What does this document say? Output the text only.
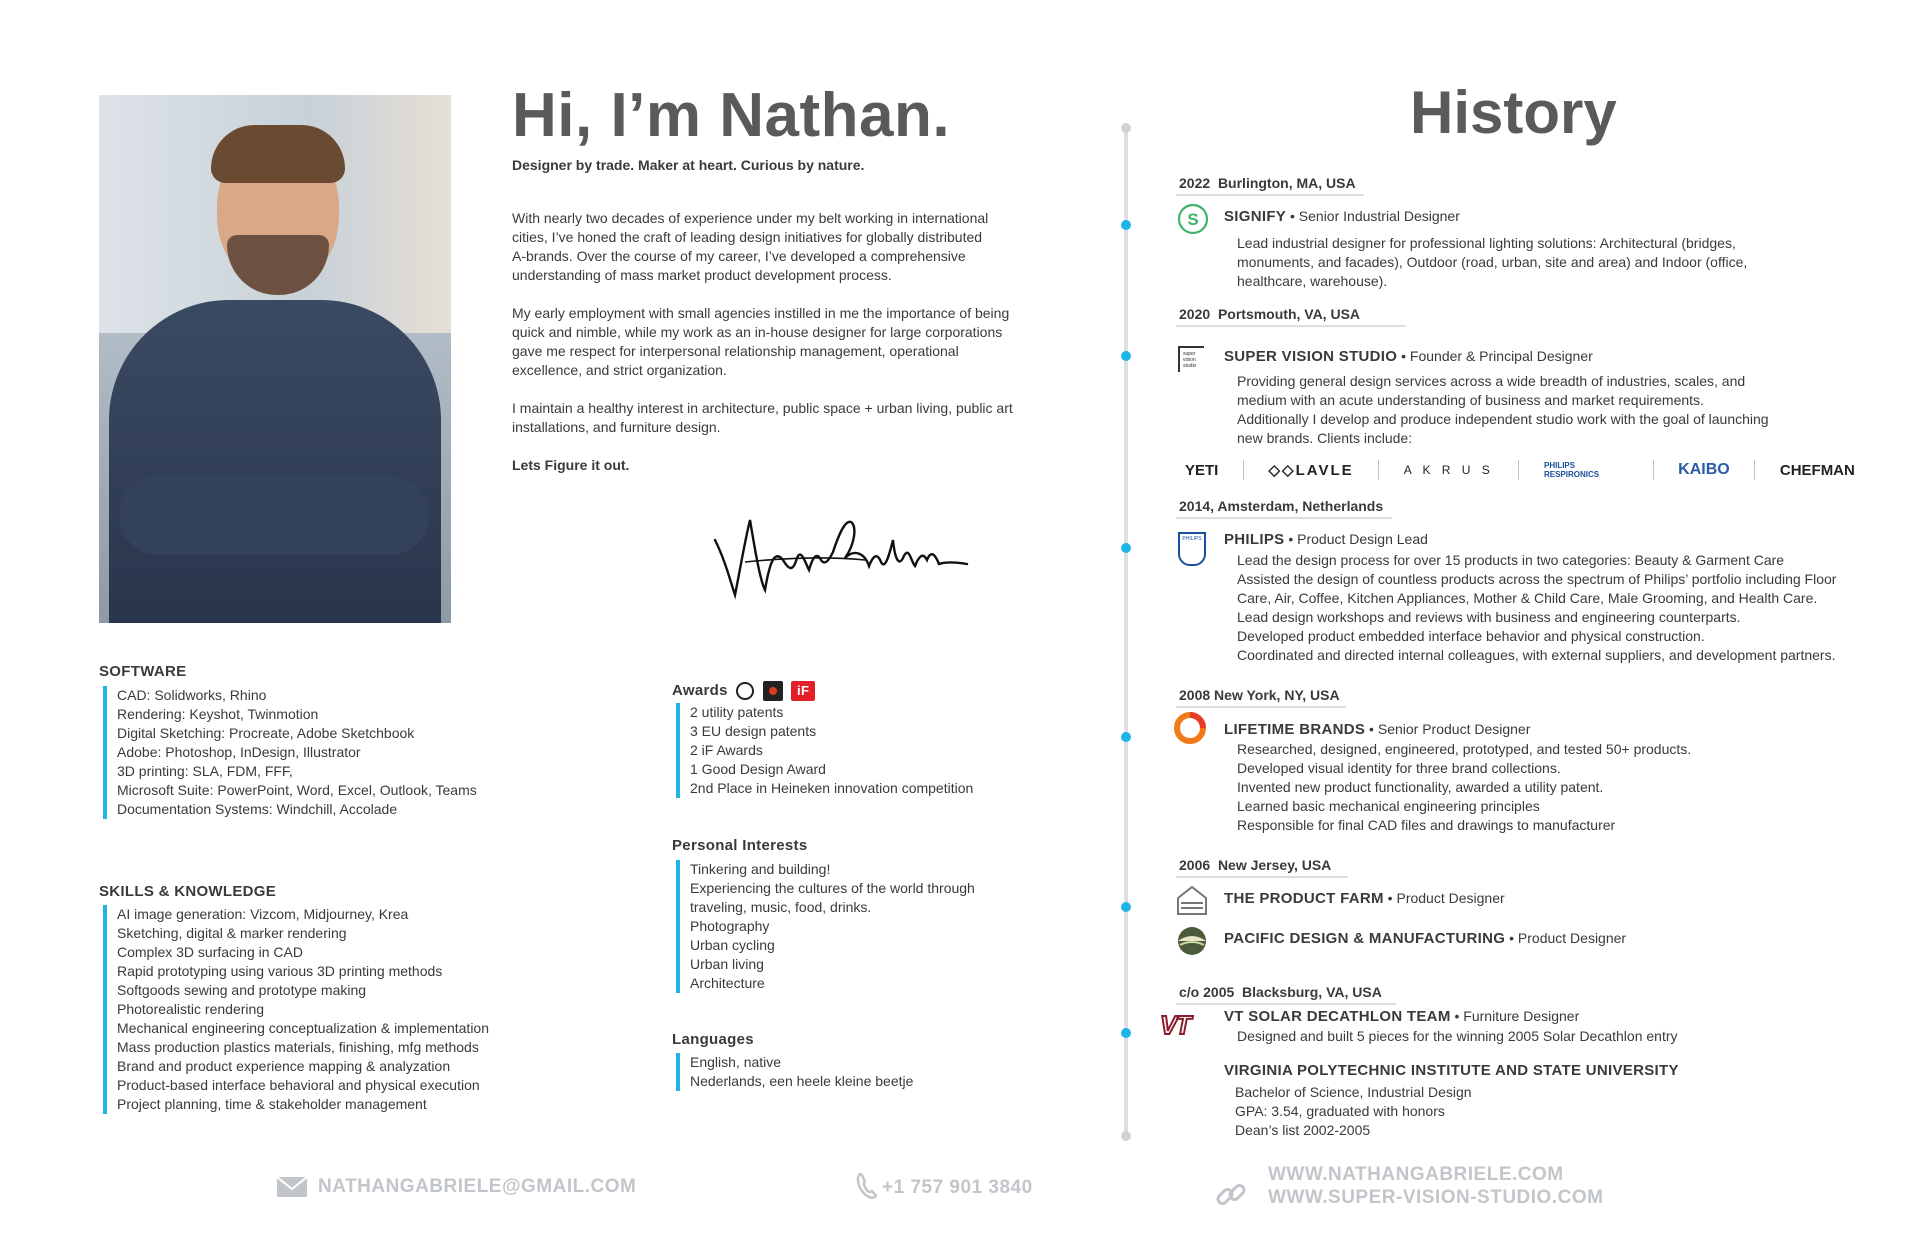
Hi, I’m Nathan.
Designer by trade. Maker at heart. Curious by nature.
With nearly two decades of experience under my belt working in international
cities, I’ve honed the craft of leading design initiatives for globally distributed
A-brands. Over the course of my career, I’ve developed a comprehensive
understanding of mass market product development process.
My early employment with small agencies instilled in me the importance of being
quick and nimble, while my work as an in-house designer for large corporations
gave me respect for interpersonal relationship management, operational
excellence, and strict organization.
I maintain a healthy interest in architecture, public space + urban living, public art
installations, and furniture design.
Lets Figure it out.
SOFTWARE
CAD: Solidworks, Rhino
Rendering: Keyshot, Twinmotion
Digital Sketching: Procreate, Adobe Sketchbook
Adobe: Photoshop, InDesign, Illustrator
3D printing: SLA, FDM, FFF,
Microsoft Suite: PowerPoint, Word, Excel, Outlook, Teams
Documentation Systems: Windchill, Accolade
SKILLS & KNOWLEDGE
AI image generation: Vizcom, Midjourney, Krea
Sketching, digital & marker rendering
Complex 3D surfacing in CAD
Rapid prototyping using various 3D printing methods
Softgoods sewing and prototype making
Photorealistic rendering
Mechanical engineering conceptualization & implementation
Mass production plastics materials, finishing, mfg methods
Brand and product experience mapping & analyzation
Product-based interface behavioral and physical execution
Project planning, time & stakeholder management
Awards	iF
2 utility patents
3 EU design patents
2 iF Awards
1 Good Design Award
2nd Place in Heineken innovation competition
Personal Interests
Tinkering and building!
Experiencing the cultures of the world through
traveling, music, food, drinks.
Photography
Urban cycling
Urban living
Architecture
Languages
English, native
Nederlands, een heele kleine beetje
History
2022 Burlington, MA, USA
S SIGNIFY • Senior Industrial Designer
Lead industrial designer for professional lighting solutions: Architectural (bridges,
monuments, and facades), Outdoor (road, urban, site and area) and Indoor (office,
healthcare, warehouse).
2020 Portsmouth, VA, USA
super vision studio
SUPER VISION STUDIO • Founder & Principal Designer
Providing general design services across a wide breadth of industries, scales, and
medium with an acute understanding of business and market requirements.
Additionally I develop and produce independent studio work with the goal of launching
new brands. Clients include:
YETI	◇◇LAVLE	A K R U S	PHILIPS RESPIRONICS	KAIBO	CHEFMAN
2014, Amsterdam, Netherlands
PHILIPS PHILIPS • Product Design Lead
Lead the design process for over 15 products in two categories: Beauty & Garment Care
Assisted the design of countless products across the spectrum of Philips’ portfolio including Floor
Care, Air, Coffee, Kitchen Appliances, Mother & Child Care, Male Grooming, and Health Care.
Lead design workshops and reviews with business and engineering counterparts.
Developed product embedded interface behavior and physical construction.
Coordinated and directed internal colleagues, with external suppliers, and development partners.
2008 New York, NY, USA
LIFETIME BRANDS • Senior Product Designer
Researched, designed, engineered, prototyped, and tested 50+ products.
Developed visual identity for three brand collections.
Invented new product functionality, awarded a utility patent.
Learned basic mechanical engineering principles
Responsible for final CAD files and drawings to manufacturer
2006 New Jersey, USA
THE PRODUCT FARM • Product Designer
PACIFIC DESIGN & MANUFACTURING • Product Designer
c/o 2005 Blacksburg, VA, USA
VT VT SOLAR DECATHLON TEAM • Furniture Designer
Designed and built 5 pieces for the winning 2005 Solar Decathlon entry
VIRGINIA POLYTECHNIC INSTITUTE AND STATE UNIVERSITY
Bachelor of Science, Industrial Design
GPA: 3.54, graduated with honors
Dean’s list 2002-2005
NATHANGABRIELE@GMAIL.COM	+1 757 901 3840
WWW.NATHANGABRIELE.COM
WWW.SUPER-VISION-STUDIO.COM
